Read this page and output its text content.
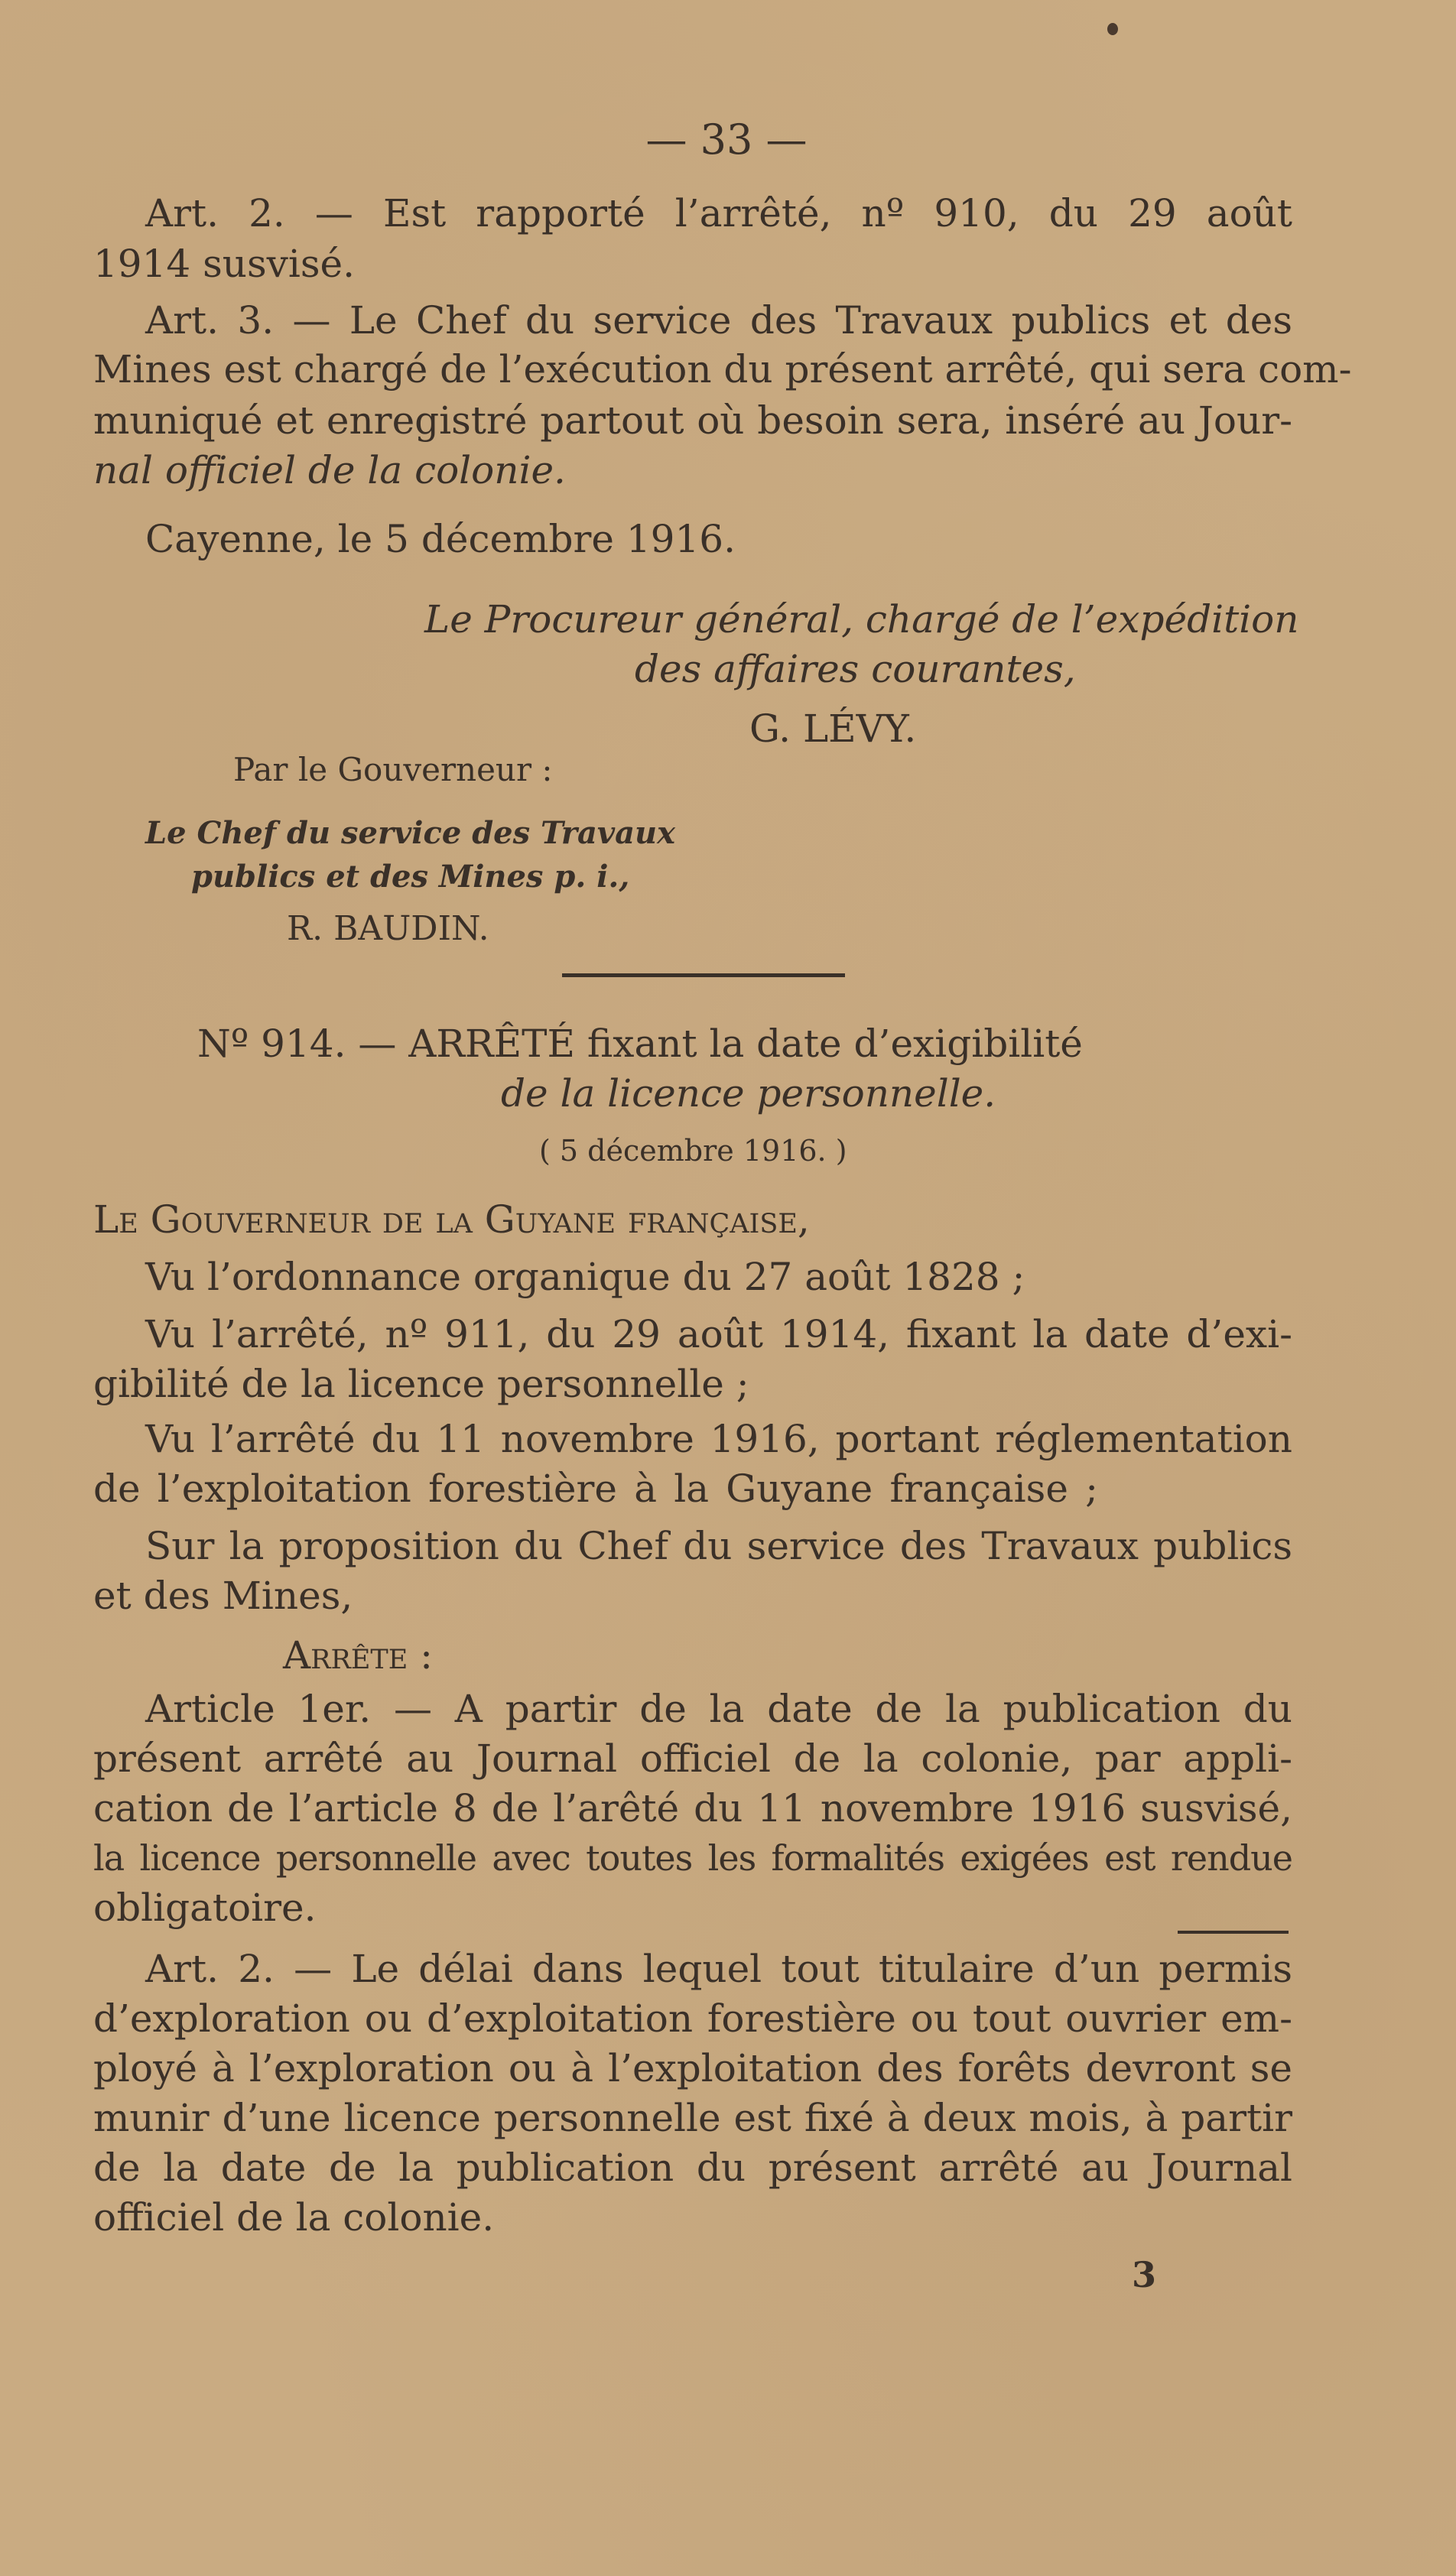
— 33 —
Art. 2. — Est rapporté l’arrêté, nº 910, du 29 août
1914 susvisé.
Art. 3. — Le Chef du service des Travaux publics et des
Mines est chargé de l’exécution du présent arrêté, qui sera com-
muniqué et enregistré partout où besoin sera, inséré au Jour-
nal officiel de la colonie.
Cayenne, le 5 décembre 1916.
Le Procureur général, chargé de l’expédition
des affaires courantes,
G. LÉVY.
Par le Gouverneur :
Le Chef du service des Travaux
publics et des Mines p. i.,
R. BAUDIN.
Nº 914. — ARRÊTÉ fixant la date d’exigibilité
de la licence personnelle.
( 5 décembre 1916. )
Le Gouverneur de la Guyane française,
Vu l’ordonnance organique du 27 août 1828 ;
Vu l’arrêté, nº 911, du 29 août 1914, fixant la date d’exi-
gibilité de la licence personnelle ;
Vu l’arrêté du 11 novembre 1916, portant réglementation
de l’exploitation forestière à la Guyane française ;
Sur la proposition du Chef du service des Travaux publics
et des Mines,
Arrête :
Article 1er. — A partir de la date de la publication du
présent arrêté au Journal officiel de la colonie, par appli-
cation de l’article 8 de l’arêté du 11 novembre 1916 susvisé,
la licence personnelle avec toutes les formalités exigées est rendue
obligatoire.
Art. 2. — Le délai dans lequel tout titulaire d’un permis
d’exploration ou d’exploitation forestière ou tout ouvrier em-
ployé à l’exploration ou à l’exploitation des forêts devront se
munir d’une licence personnelle est fixé à deux mois, à partir
de la date de la publication du présent arrêté au Journal
officiel de la colonie.
3
